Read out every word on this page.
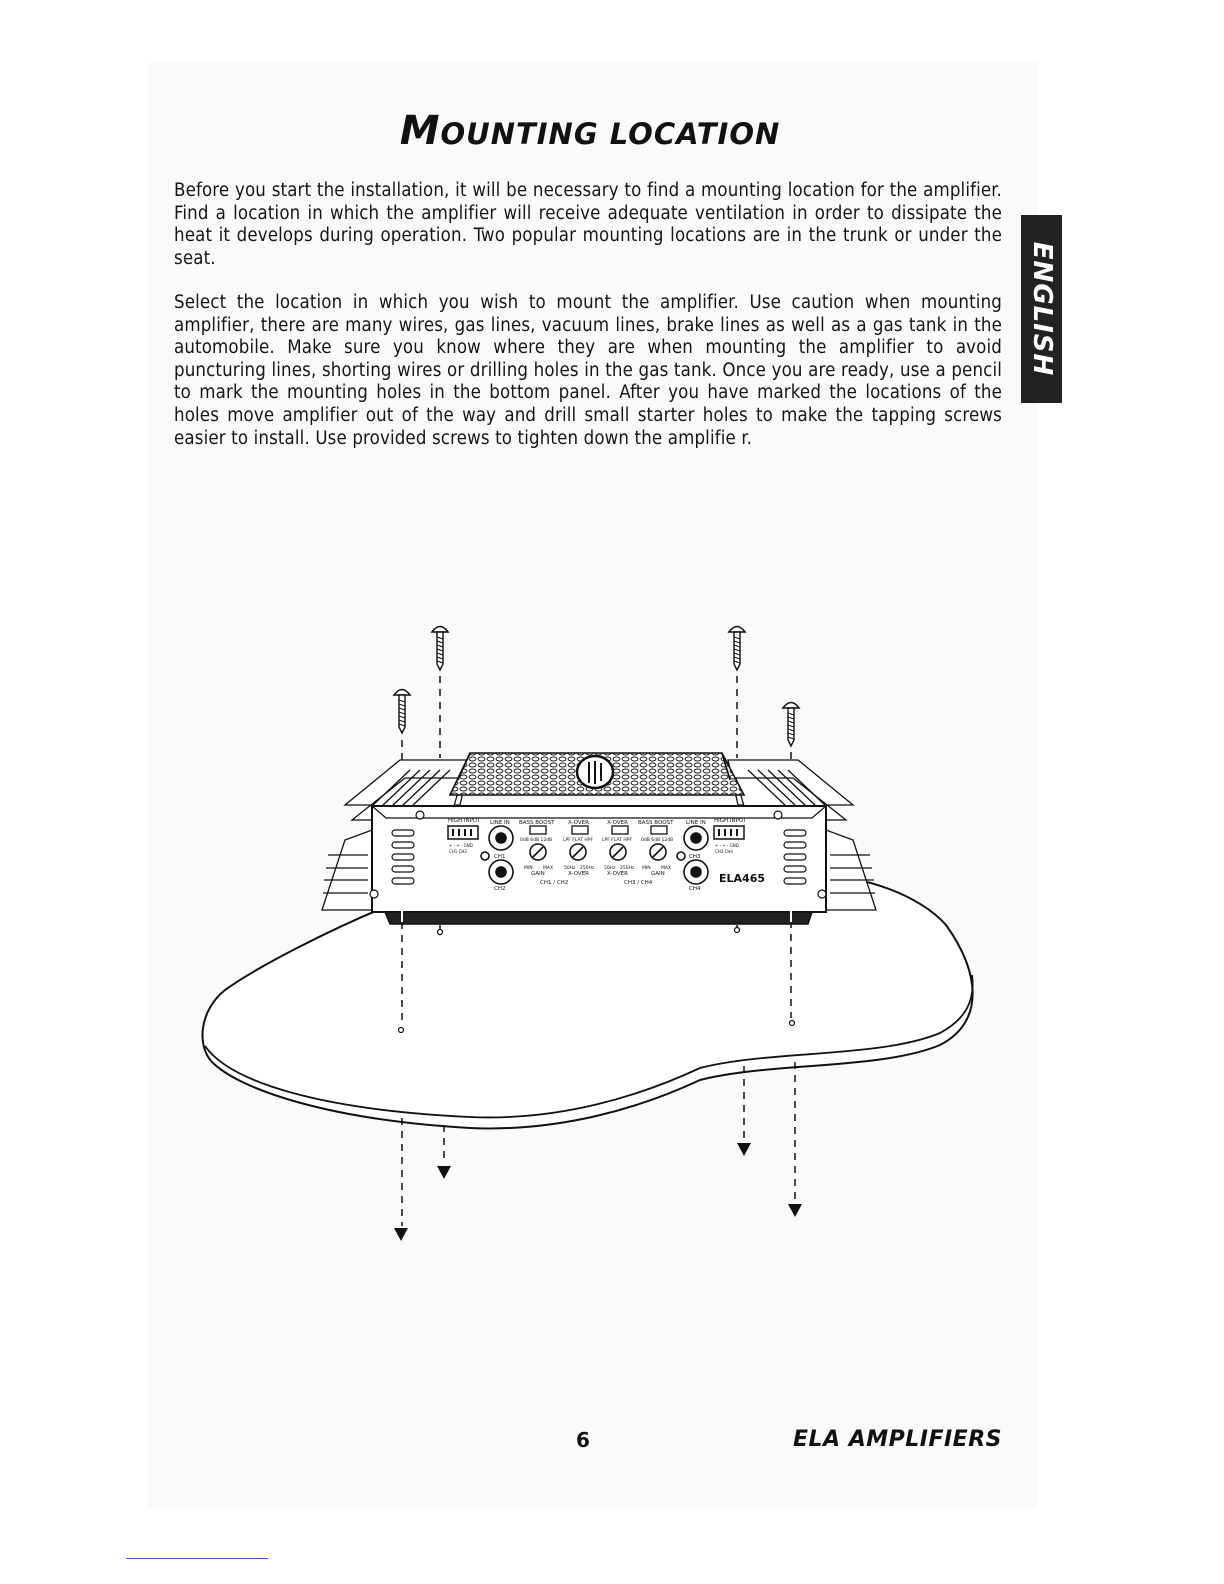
MOUNTING LOCATION

Before you start the installation, it will be necessary to find a mounting location for the amplifier. Find a location in which the amplifier will receive adequate ventilation in order to dissipate the heat it develops during operation. Two popular mounting locations are in the trunk or under the seat.

Select the location in which you wish to mount the amplifier. Use caution when mounting amplifier, there are many wires, gas lines, vacuum lines, brake lines as well as a gas tank in the automobile. Make sure you know where they are when mounting the amplifier to avoid puncturing lines, shorting wires or drilling holes in the gas tank. Once you are ready, use a pencil to mark the mounting holes in the bottom panel. After you have marked the locations of the holes move amplifier out of the way and drill small starter holes to make the tapping screws easier to install. Use provided screws to tighten down the amplifie r.

ENGLISH
HIGH INPUT	HIGH INPUT
LINE IN	LINE IN
BASS BOOST	BASS BOOST
X-OVER	X-OVER
+ - + - GND	+ - + - GND
CH1 CH2	CH3 CH4
0dB 6dB 12dB	0dB 6dB 12dB
LPF FLAT HPF LPF FLAT HPF
CH1
CH2
CH3
CH4
MIN MAX	MIN MAX
50Hz 250Hz 50Hz 250Hz
GAIN	X-OVER	X-OVER	GAIN
CH1 / CH2	CH3 / CH4	ELA465
6	ELA AMPLIFIERS
